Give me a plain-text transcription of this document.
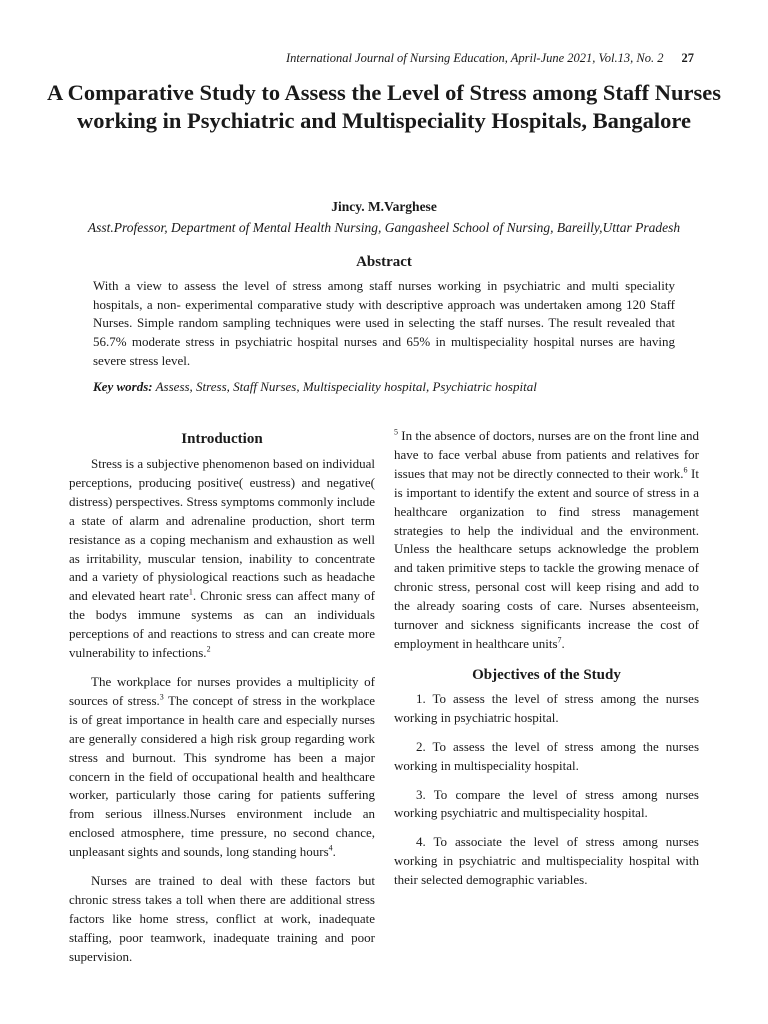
International Journal of Nursing Education, April-June 2021, Vol.13, No. 2 27
A Comparative Study to Assess the Level of Stress among Staff Nurses working in Psychiatric and Multispeciality Hospitals, Bangalore
Jincy. M.Varghese
Asst.Professor, Department of Mental Health Nursing, Gangasheel School of Nursing, Bareilly,Uttar Pradesh
Abstract

With a view to assess the level of stress among staff nurses working in psychiatric and multi speciality hospitals, a non- experimental comparative study with descriptive approach was undertaken among 120 Staff Nurses. Simple random sampling techniques were used in selecting the staff nurses. The result revealed that 56.7% moderate stress in psychiatric hospital nurses and 65% in multispeciality hospital nurses are having severe stress level.

Key words: Assess, Stress, Staff Nurses, Multispeciality hospital, Psychiatric hospital

Introduction

Stress is a subjective phenomenon based on individual perceptions, producing positive( eustress) and negative( distress) perspectives. Stress symptoms commonly include a state of alarm and adrenaline production, short term resistance as a coping mechanism and exhaustion as well as irritability, muscular tension, inability to concentrate and a variety of physiological reactions such as headache and elevated heart rate$^1$. Chronic sress can affect many of the bodys immune systems as can an individuals perceptions of and reactions to stress and can create more vulnerability to infections.$^2$

The workplace for nurses provides a multiplicity of sources of stress.$^3$ The concept of stress in the workplace is of great importance in health care and especially nurses are generally considered a high risk group regarding work stress and burnout. This syndrome has been a major concern in the field of occupational health and healthcare worker, particularly those caring for patients suffering from serious illness.Nurses environment include an enclosed atmosphere, time pressure, no second chance, unpleasant sights and sounds, long standing hours$^4$.

Nurses are trained to deal with these factors but chronic stress takes a toll when there are additional stress factors like home stress, conflict at work, inadequate staffing, poor teamwork, inadequate training and poor supervision.

$^5$ In the absence of doctors, nurses are on the front line and have to face verbal abuse from patients and relatives for issues that may not be directly connected to their work.$^6$ It is important to identify the extent and source of stress in a healthcare organization to find stress management strategies to help the individual and the environment. Unless the healthcare setups acknowledge the problem and taken primitive steps to tackle the growing menace of chronic stress, personal cost will keep rising and add to the already soaring costs of care. Nurses absenteeism, turnover and sickness significants increase the cost of employment in healthcare units$^7$.

Objectives of the Study

1. To assess the level of stress among the nurses working in psychiatric hospital.

2. To assess the level of stress among the nurses working in multispeciality hospital.

3. To compare the level of stress among nurses working psychiatric and multispeciality hospital.

4. To associate the level of stress among nurses working in psychiatric and multispeciality hospital with their selected demographic variables.
